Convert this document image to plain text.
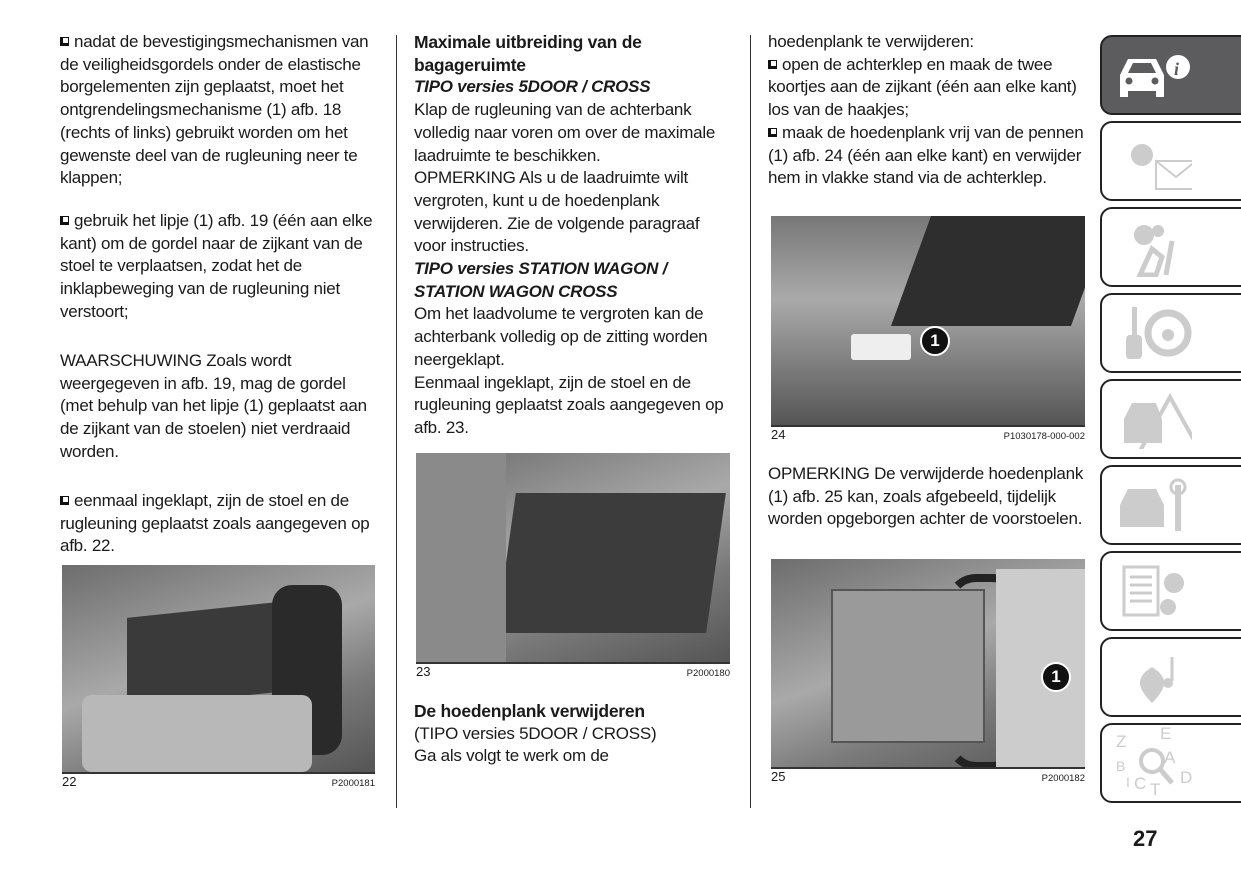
nadat de bevestigingsmechanismen van de veiligheidsgordels onder de elastische borgelementen zijn geplaatst, moet het ontgrendelingsmechanisme (1) afb. 18 (rechts of links) gebruikt worden om het gewenste deel van de rugleuning neer te klappen;

gebruik het lipje (1) afb. 19 (één aan elke kant) om de gordel naar de zijkant van de stoel te verplaatsen, zodat het de inklapbeweging van de rugleuning niet verstoort;

WAARSCHUWING Zoals wordt weergegeven in afb. 19, mag de gordel (met behulp van het lipje (1) geplaatst aan de zijkant van de stoelen) niet verdraaid worden.

eenmaal ingeklapt, zijn de stoel en de rugleuning geplaatst zoals aangegeven op afb. 22.

22	P2000181
Maximale uitbreiding van de bagageruimte
TIPO versies 5DOOR / CROSS
Klap de rugleuning van de achterbank volledig naar voren om over de maximale laadruimte te beschikken.
OPMERKING Als u de laadruimte wilt vergroten, kunt u de hoedenplank verwijderen. Zie de volgende paragraaf voor instructies.
TIPO versies STATION WAGON / STATION WAGON CROSS
Om het laadvolume te vergroten kan de achterbank volledig op de zitting worden neergeklapt.
Eenmaal ingeklapt, zijn de stoel en de rugleuning geplaatst zoals aangegeven op afb. 23.
23	P2000180
De hoedenplank verwijderen
(TIPO versies 5DOOR / CROSS)
Ga als volgt te werk om de
hoedenplank te verwijderen:
open de achterklep en maak de twee koortjes aan de zijkant (één aan elke kant) los van de haakjes;
maak de hoedenplank vrij van de pennen (1) afb. 24 (één aan elke kant) en verwijder hem in vlakke stand via de achterklep.
1
24	P1030178-000-002
OPMERKING De verwijderde hoedenplank (1) afb. 25 kan, zoals afgebeeld, tijdelijk worden opgeborgen achter de voorstoelen.
1
25	P2000182
i
Z E
B A
C D
I T
27
